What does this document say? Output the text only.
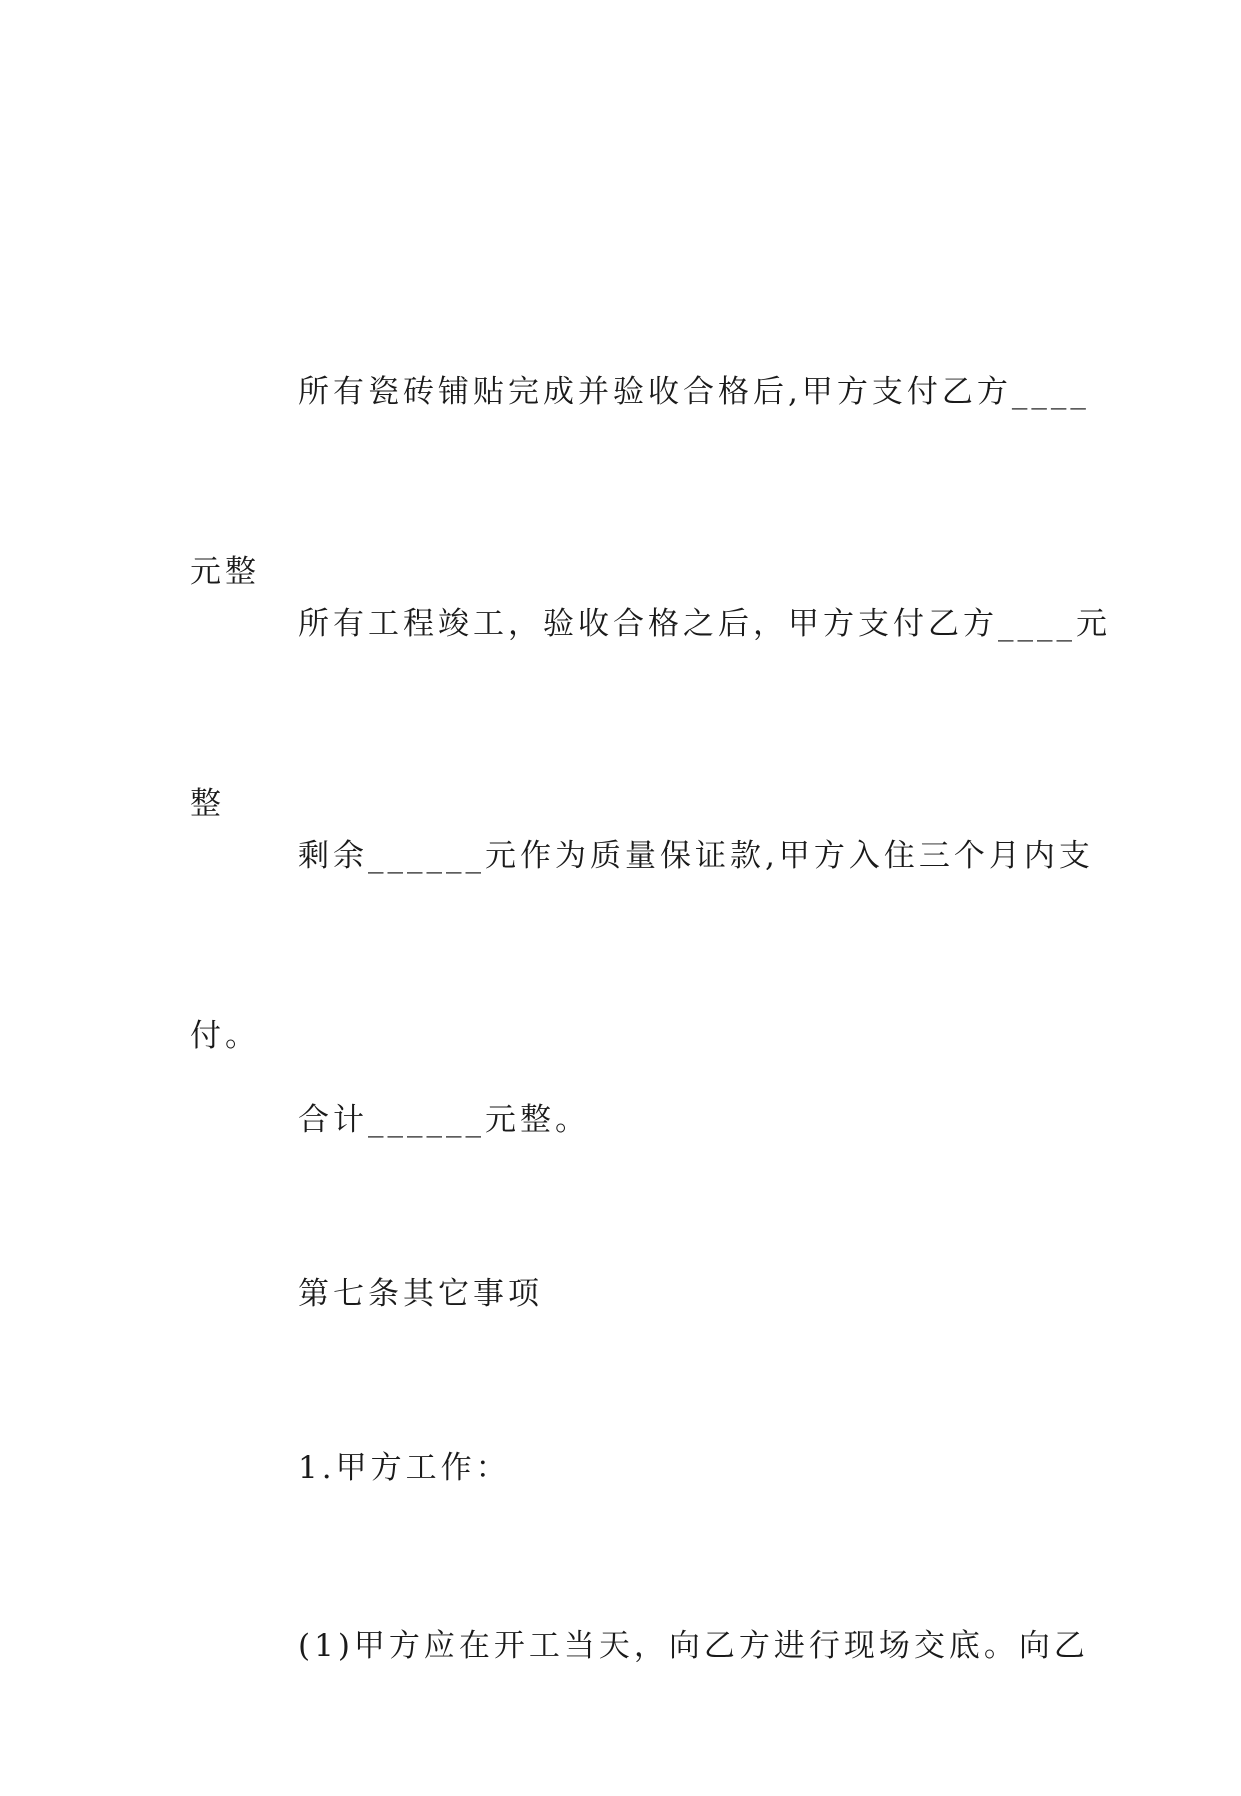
所有瓷砖铺贴完成并验收合格后,甲方支付乙方____

元整

所有工程竣工，验收合格之后，甲方支付乙方____元

整

剩余______元作为质量保证款,甲方入住三个月内支

付。

合计______元整。

第七条其它事项

1.甲方工作：

(1)甲方应在开工当天，向乙方进行现场交底。向乙
